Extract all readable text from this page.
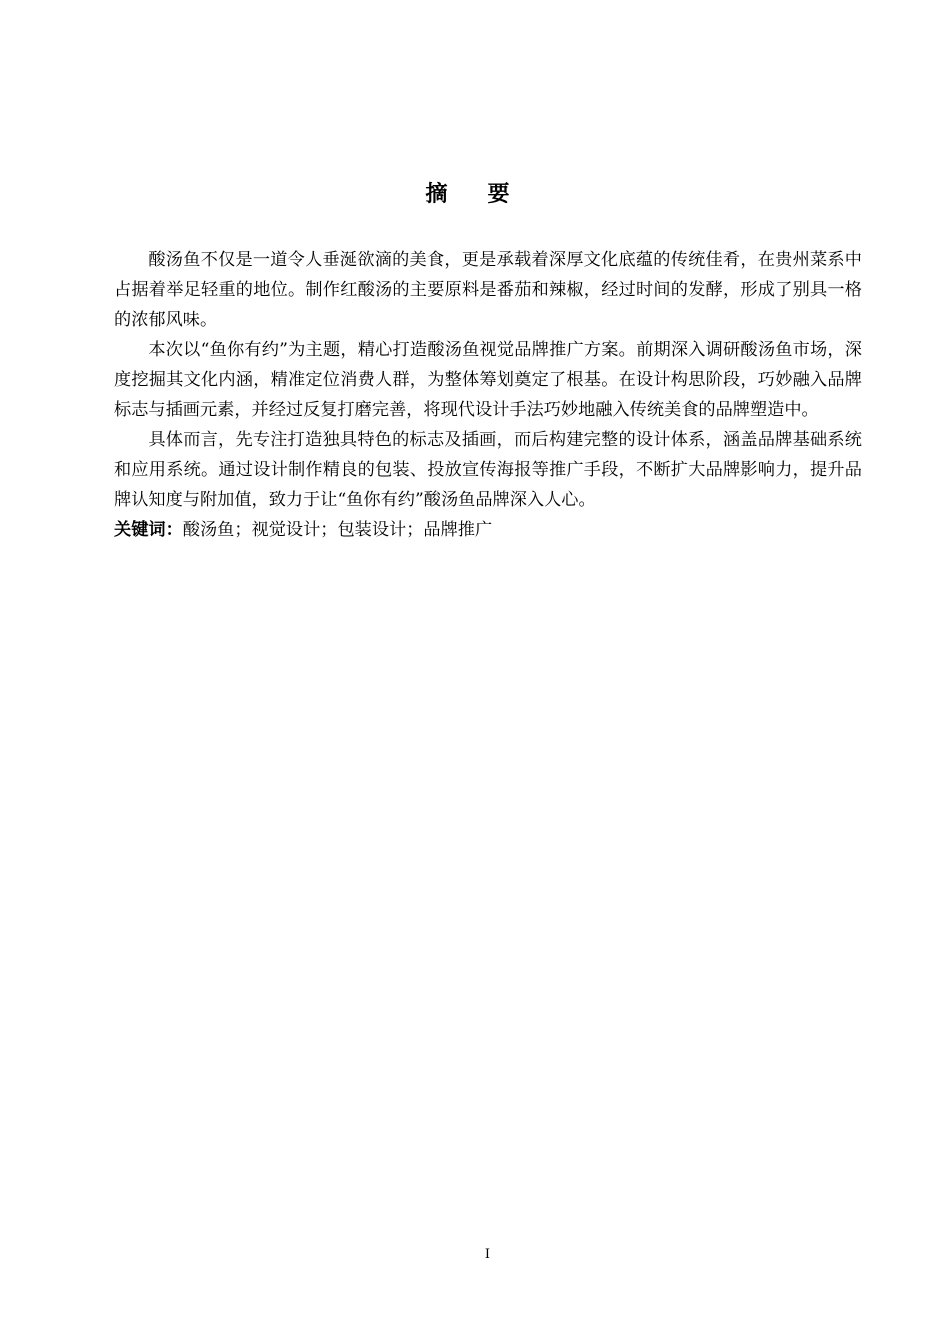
摘要

酸汤鱼不仅是一道令人垂涎欲滴的美食，更是承载着深厚文化底蕴的传统佳肴，在贵州菜系中占据着举足轻重的地位。制作红酸汤的主要原料是番茄和辣椒，经过时间的发酵，形成了别具一格的浓郁风味。

本次以“鱼你有约”为主题，精心打造酸汤鱼视觉品牌推广方案。前期深入调研酸汤鱼市场，深度挖掘其文化内涵，精准定位消费人群，为整体筹划奠定了根基。在设计构思阶段，巧妙融入品牌标志与插画元素，并经过反复打磨完善，将现代设计手法巧妙地融入传统美食的品牌塑造中。

具体而言，先专注打造独具特色的标志及插画，而后构建完整的设计体系，涵盖品牌基础系统和应用系统。通过设计制作精良的包装、投放宣传海报等推广手段，不断扩大品牌影响力，提升品牌认知度与附加值，致力于让“鱼你有约”酸汤鱼品牌深入人心。

关键词：酸汤鱼；视觉设计；包装设计；品牌推广

I
